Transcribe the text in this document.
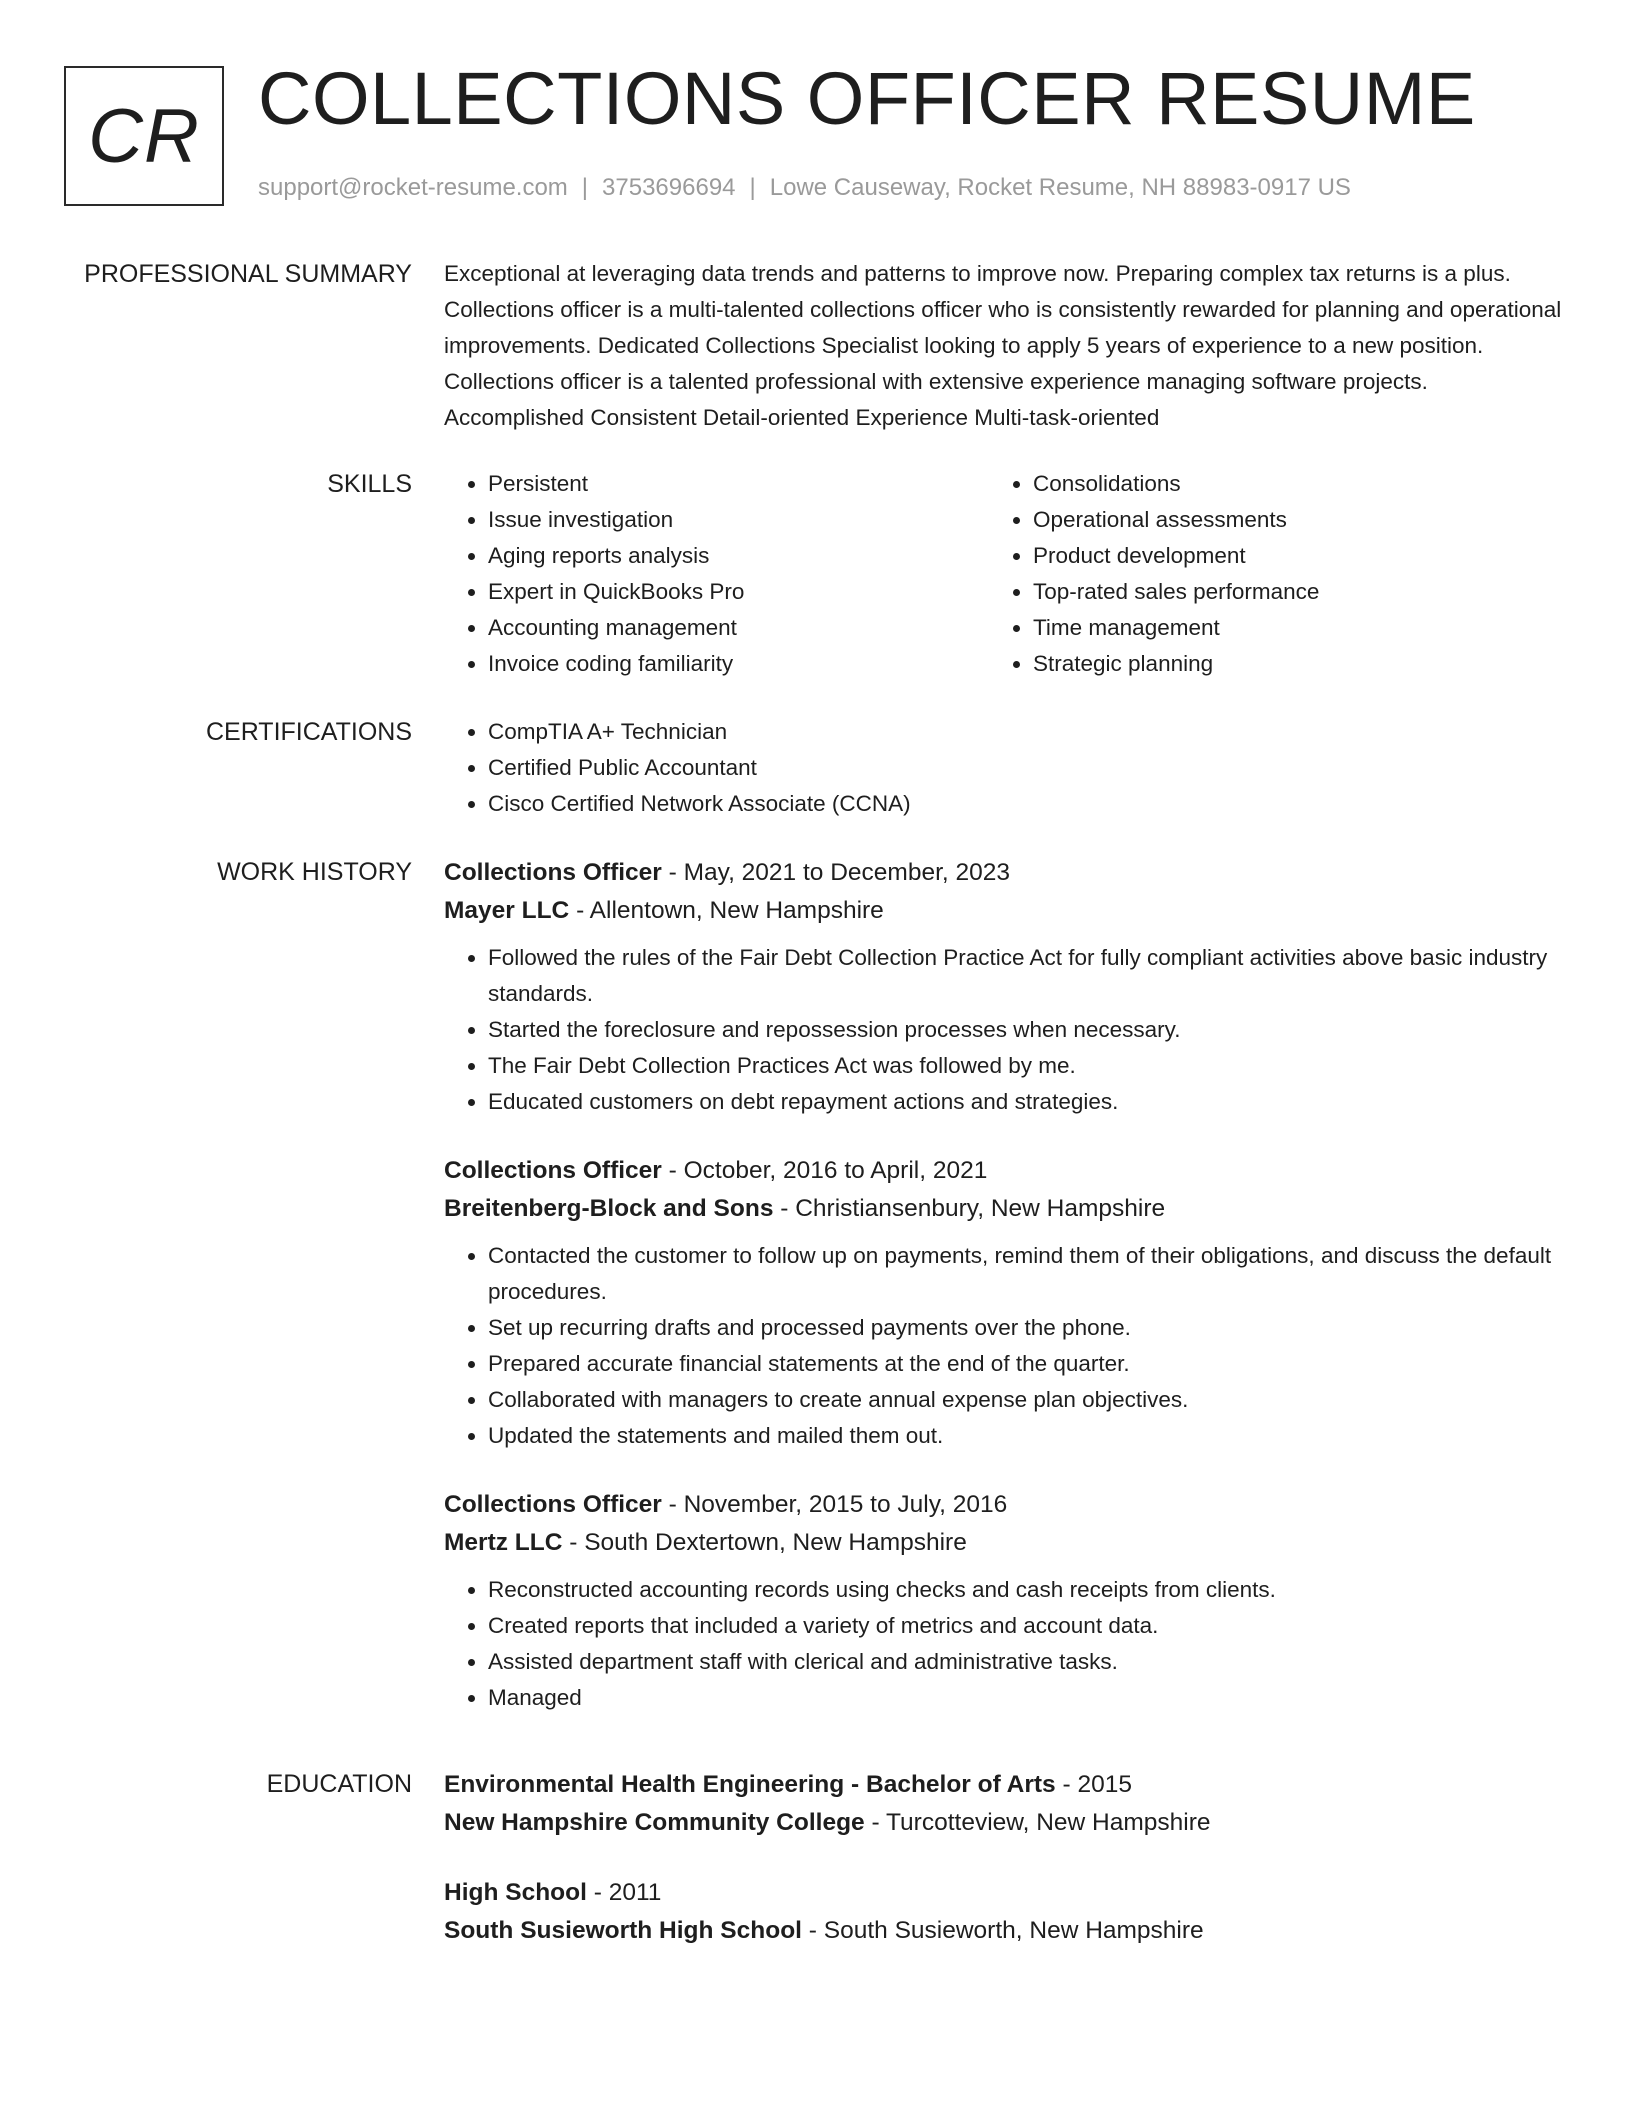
CR COLLECTIONS OFFICER RESUME
support@rocket-resume.com | 3753696694 | Lowe Causeway, Rocket Resume, NH 88983-0917 US
PROFESSIONAL SUMMARY Exceptional at leveraging data trends and patterns to improve now. Preparing complex tax returns is a plus. Collections officer is a multi-talented collections officer who is consistently rewarded for planning and operational improvements. Dedicated Collections Specialist looking to apply 5 years of experience to a new position. Collections officer is a talented professional with extensive experience managing software projects. Accomplished Consistent Detail-oriented Experience Multi-task-oriented

SKILLS	• Persistent
• Issue investigation
• Aging reports analysis
• Expert in QuickBooks Pro
• Accounting management
• Invoice coding familiarity
• Consolidations
• Operational assessments
• Product development
• Top-rated sales performance
• Time management
• Strategic planning
CERTIFICATIONS	• CompTIA A+ Technician
• Certified Public Accountant
• Cisco Certified Network Associate (CCNA)
WORK HISTORY Collections Officer - May, 2021 to December, 2023
Mayer LLC - Allentown, New Hampshire
• Followed the rules of the Fair Debt Collection Practice Act for fully compliant activities above basic industry standards.
• Started the foreclosure and repossession processes when necessary.
• The Fair Debt Collection Practices Act was followed by me.
• Educated customers on debt repayment actions and strategies.
Collections Officer - October, 2016 to April, 2021
Breitenberg-Block and Sons - Christiansenbury, New Hampshire
• Contacted the customer to follow up on payments, remind them of their obligations, and discuss the default procedures.
• Set up recurring drafts and processed payments over the phone.
• Prepared accurate financial statements at the end of the quarter.
• Collaborated with managers to create annual expense plan objectives.
• Updated the statements and mailed them out.
Collections Officer - November, 2015 to July, 2016
Mertz LLC - South Dextertown, New Hampshire
• Reconstructed accounting records using checks and cash receipts from clients.
• Created reports that included a variety of metrics and account data.
• Assisted department staff with clerical and administrative tasks.
• Managed
EDUCATION Environmental Health Engineering - Bachelor of Arts - 2015
New Hampshire Community College - Turcotteview, New Hampshire
High School - 2011
South Susieworth High School - South Susieworth, New Hampshire
